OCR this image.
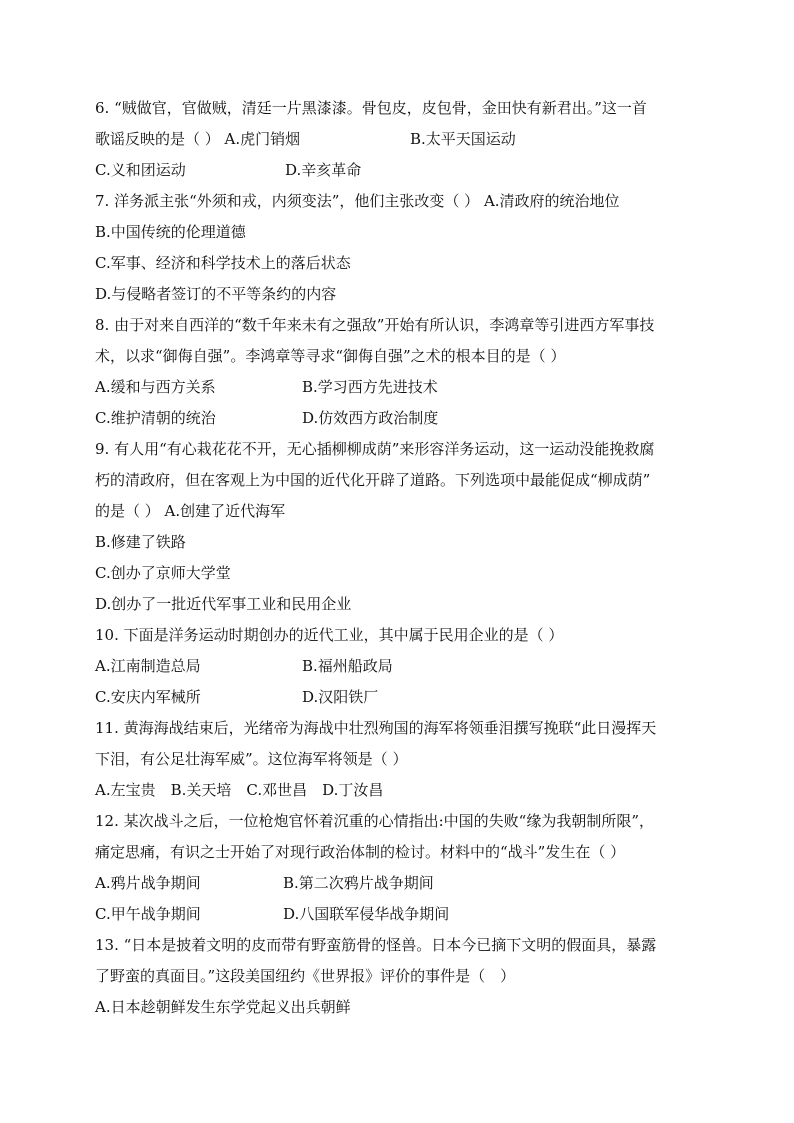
6. “贼做官，官做贼，清廷一片黑漆漆。骨包皮，皮包骨，金田快有新君出。”这一首
歌谣反映的是（ ） A.虎门销烟	B.太平天国运动
C.义和团运动	D.辛亥革命
7. 洋务派主张“外须和戎，内须变法”，他们主张改变（ ） A.清政府的统治地位
B.中国传统的伦理道德
C.军事、经济和科学技术上的落后状态
D.与侵略者签订的不平等条约的内容
8. 由于对来自西洋的“数千年来未有之强敌”开始有所认识，李鸿章等引进西方军事技
术，以求“御侮自强”。李鸿章等寻求“御侮自强”之术的根本目的是（ ）
A.缓和与西方关系	B.学习西方先进技术
C.维护清朝的统治	D.仿效西方政治制度
9. 有人用“有心栽花花不开，无心插柳柳成荫”来形容洋务运动，这一运动没能挽救腐
朽的清政府，但在客观上为中国的近代化开辟了道路。下列选项中最能促成“柳成荫”
的是（ ） A.创建了近代海军
B.修建了铁路
C.创办了京师大学堂
D.创办了一批近代军事工业和民用企业
10. 下面是洋务运动时期创办的近代工业，其中属于民用企业的是（ ）
A.江南制造总局	B.福州船政局
C.安庆内军械所	D.汉阳铁厂
11. 黄海海战结束后，光绪帝为海战中壮烈殉国的海军将领垂泪撰写挽联“此日漫挥天
下泪，有公足壮海军威”。这位海军将领是（ ）
A.左宝贵　B.关天培　C.邓世昌　D.丁汝昌
12. 某次战斗之后，一位枪炮官怀着沉重的心情指出:中国的失败“缘为我朝制所限”，
痛定思痛，有识之士开始了对现行政治体制的检讨。材料中的“战斗”发生在（ ）
A.鸦片战争期间	B.第二次鸦片战争期间
C.甲午战争期间	D.八国联军侵华战争期间
13. “日本是披着文明的皮而带有野蛮筋骨的怪兽。日本今已摘下文明的假面具，暴露
了野蛮的真面目。”这段美国纽约《世界报》评价的事件是（　）
A.日本趁朝鲜发生东学党起义出兵朝鲜
